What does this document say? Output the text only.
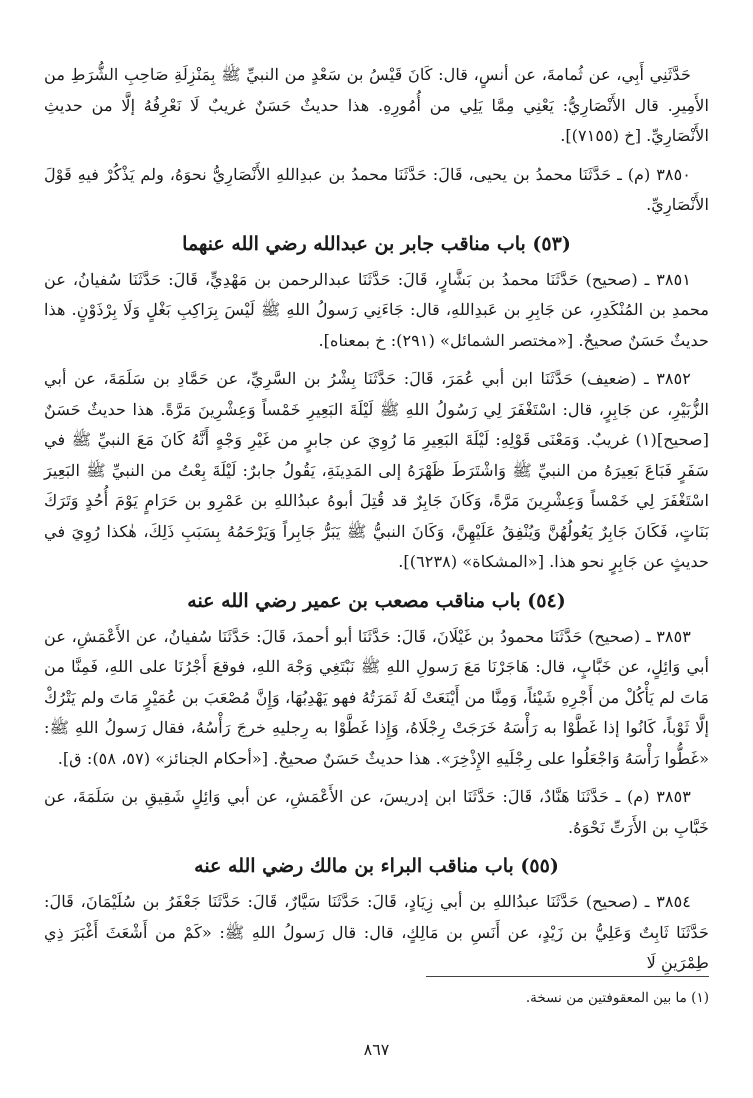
حَدَّثَنِي أَبِي، عن ثُمامةَ، عن أنسٍ، قال: كَانَ قَيْسُ بن سَعْدٍ من النبيِّ ﷺ بِمَنْزِلَةِ صَاحِبِ الشُّرَطِ من الأَمِيرِ. قال الأَنْصَارِيُّ: يَعْنِي مِمَّا يَلِي من أُمُورِهِ. هذا حديثٌ حَسَنٌ غريبٌ لَا نَعْرِفُهُ إلَّا من حديثِ الأَنْصَارِيِّ. [خ (٧١٥٥)].

٣٨٥٠ (م) ـ حَدَّثَنَا محمدُ بن يحيى، قَالَ: حَدَّثَنَا محمدُ بن عبدِاللهِ الأَنْصَارِيُّ نحوَهُ، ولم يَذْكُرْ فيهِ قَوْلَ الأَنْصَارِيِّ.

(٥٣) باب مناقب جابر بن عبدالله رضي الله عنهما

٣٨٥١ ـ (صحيح) حَدَّثَنَا محمدُ بن بَشَّارٍ، قَالَ: حَدَّثَنَا عبدالرحمن بن مَهْدِيٍّ، قَالَ: حَدَّثَنَا سُفيانُ، عن محمدِ بن المُنْكَدِرِ، عن جَابِرِ بن عَبدِاللهِ، قال: جَاءَنِي رَسولُ اللهِ ﷺ لَيْسَ بِرَاكِبِ بَغْلٍ وَلَا بِرْذَوْنٍ. هذا حديثٌ حَسَنٌ صحيحٌ. [«مختصر الشمائل» (٢٩١): خ بمعناه].

٣٨٥٢ ـ (ضعيف) حَدَّثَنَا ابن أبي عُمَرَ، قَالَ: حَدَّثَنَا بِشْرُ بن السَّرِيِّ، عن حَمَّادِ بن سَلَمَةَ، عن أبي الزُّبَيْرِ، عن جَابِرٍ، قال: اسْتَغْفَرَ لِي رَسُولُ اللهِ ﷺ لَيْلَةَ البَعِيرِ خَمْساً وَعِشْرِينَ مَرَّةً. هذا حديثٌ حَسَنٌ [صحيح](١) غريبٌ. وَمَعْنَى قَوْلِهِ: لَيْلَةَ البَعِيرِ مَا رُوِيَ عن جابرٍ من غَيْرِ وَجْهٍ أَنَّهُ كَانَ مَعَ النبيِّ ﷺ في سَفَرٍ فَبَاعَ بَعِيرَهُ من النبيِّ ﷺ وَاشْتَرَطَ ظَهْرَهُ إلى المَدِينَةِ، يَقُولُ جابرٌ: لَيْلَةَ بِعْتُ من النبيِّ ﷺ البَعِيرَ اسْتَغْفَرَ لِي خَمْساً وَعِشْرِينَ مَرَّةً، وَكَانَ جَابِرٌ قد قُتِلَ أبوهُ عبدُاللهِ بن عَمْرِو بن حَرَامٍ يَوْمَ أُحُدٍ وَتَرَكَ بَنَاتٍ، فَكَانَ جَابِرٌ يَعُولُهُنَّ وَيُنْفِقُ عَلَيْهِنَّ، وَكَانَ النبيُّ ﷺ يَبَرُّ جَابِراً وَيَرْحَمُهُ بِسَبَبِ ذَلِكَ، هٰكذا رُوِيَ في حديثٍ عن جَابِرٍ نحو هذا. [«المشكاة» (٦٢٣٨)].

(٥٤) باب مناقب مصعب بن عمير رضي الله عنه

٣٨٥٣ ـ (صحيح) حَدَّثَنَا محمودُ بن غَيْلَانَ، قَالَ: حَدَّثَنَا أبو أحمدَ، قَالَ: حَدَّثَنَا سُفيانُ، عن الأَعْمَشِ، عن أبي وَائِلٍ، عن خَبَّابٍ، قال: هَاجَرْنَا مَعَ رَسولِ اللهِ ﷺ نَبْتَغِي وَجْهَ اللهِ، فوقعَ أَجْرُنَا على اللهِ، فَمِنَّا من مَاتَ لم يَأْكُلْ من أَجْرِهِ شَيْئاً، وَمِنَّا من أَيْنَعَتْ لَهُ ثَمَرَتُهُ فهو يَهْدِبُهَا، وَإِنَّ مُصْعَبَ بن عُمَيْرٍ مَاتَ ولم يَتْرُكْ إلَّا ثَوْباً، كَانُوا إذا غَطَّوْا به رَأْسَهُ خَرَجَتْ رِجْلَاهُ، وَإِذا غَطَّوْا به رِجليهِ خرجَ رَأْسُهُ، فقال رَسولُ اللهِ ﷺ: «غَطُّوا رَأْسَهُ وَاجْعَلُوا على رِجْلَيهِ الإِذْخِرَ». هذا حديثٌ حَسَنٌ صحيحٌ. [«أحكام الجنائز» (٥٧، ٥٨): ق].

٣٨٥٣ (م) ـ حَدَّثَنَا هَنَّادٌ، قَالَ: حَدَّثَنَا ابن إدريسَ، عن الأَعْمَشِ، عن أبي وَائِلٍ شَقِيقِ بن سَلَمَةَ، عن خَبَّابِ بن الأَرَتِّ نَحْوَهُ.

(٥٥) باب مناقب البراء بن مالك رضي الله عنه

٣٨٥٤ ـ (صحيح) حَدَّثَنَا عبدُاللهِ بن أبي زِيَادٍ، قَالَ: حَدَّثَنَا سَيَّارٌ، قَالَ: حَدَّثَنَا جَعْفَرُ بن سُلَيْمَانَ، قَالَ: حَدَّثَنَا ثَابِتٌ وَعَلِيُّ بن زَيْدٍ، عن أَنَسِ بن مَالِكٍ، قال: قال رَسولُ اللهِ ﷺ: «كَمْ من أَشْعَثَ أَغْبَرَ ذِي طِمْرَينِ لَا

(١) ما بين المعقوفتين من نسخة.
٨٦٧
